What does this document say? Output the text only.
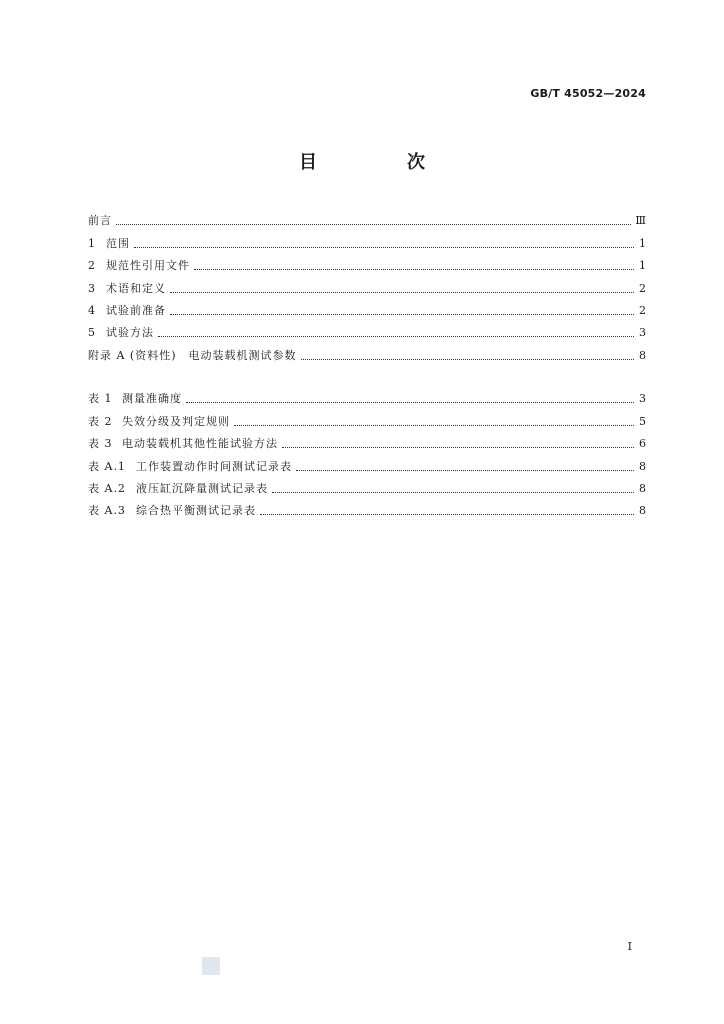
GB/T 45052—2024
目　次
前言	Ⅲ
1 范围	1
2 规范性引用文件	1
3 术语和定义	2
4 试验前准备	2
5 试验方法	3
附录 A (资料性)　电动装载机测试参数	8
表 1 测量准确度	3
表 2 失效分级及判定规则	5
表 3 电动装载机其他性能试验方法	6
表 A.1 工作装置动作时间测试记录表	8
表 A.2 液压缸沉降量测试记录表	8
表 A.3 综合热平衡测试记录表	8
I
